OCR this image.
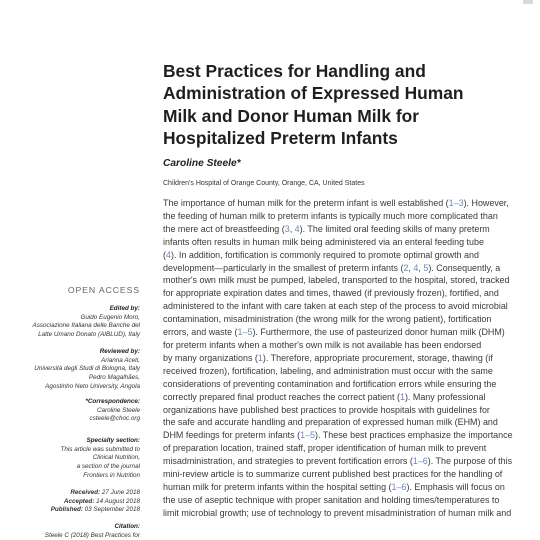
Best Practices for Handling and
Administration of Expressed Human
Milk and Donor Human Milk for
Hospitalized Preterm Infants
Caroline Steele*
Children's Hospital of Orange County, Orange, CA, United States
OPEN ACCESS
Edited by:
Guido Eugenio Moro,
Associazione Italiana delle Banche del
Latte Umano Donato (AIBLUD), Italy
Reviewed by:
Arianna Aceti,
Università degli Studi di Bologna, Italy
Pedro Magalhães,
Agostinho Neto University, Angola
*Correspondence:
Caroline Steele
csteele@choc.org
Specialty section:
This article was submitted to
Clinical Nutrition,
a section of the journal
Frontiers in Nutrition
Received: 27 June 2018
Accepted: 14 August 2018
Published: 03 September 2018
Citation:
Steele C (2018) Best Practices for
The importance of human milk for the preterm infant is well established (1–3). However,
the feeding of human milk to preterm infants is typically much more complicated than
the mere act of breastfeeding (3, 4). The limited oral feeding skills of many preterm
infants often results in human milk being administered via an enteral feeding tube
(4). In addition, fortification is commonly required to promote optimal growth and
development—particularly in the smallest of preterm infants (2, 4, 5). Consequently, a
mother's own milk must be pumped, labeled, transported to the hospital, stored, tracked
for appropriate expiration dates and times, thawed (if previously frozen), fortified, and
administered to the infant with care taken at each step of the process to avoid microbial
contamination, misadministration (the wrong milk for the wrong patient), fortification
errors, and waste (1–5). Furthermore, the use of pasteurized donor human milk (DHM)
for preterm infants when a mother's own milk is not available has been endorsed
by many organizations (1). Therefore, appropriate procurement, storage, thawing (if
received frozen), fortification, labeling, and administration must occur with the same
considerations of preventing contamination and fortification errors while ensuring the
correctly prepared final product reaches the correct patient (1). Many professional
organizations have published best practices to provide hospitals with guidelines for
the safe and accurate handling and preparation of expressed human milk (EHM) and
DHM feedings for preterm infants (1–5). These best practices emphasize the importance
of preparation location, trained staff, proper identification of human milk to prevent
misadministration, and strategies to prevent fortification errors (1–6). The purpose of this
mini-review article is to summarize current published best practices for the handling of
human milk for preterm infants within the hospital setting (1–6). Emphasis will focus on
the use of aseptic technique with proper sanitation and holding times/temperatures to
limit microbial growth; use of technology to prevent misadministration of human milk and
